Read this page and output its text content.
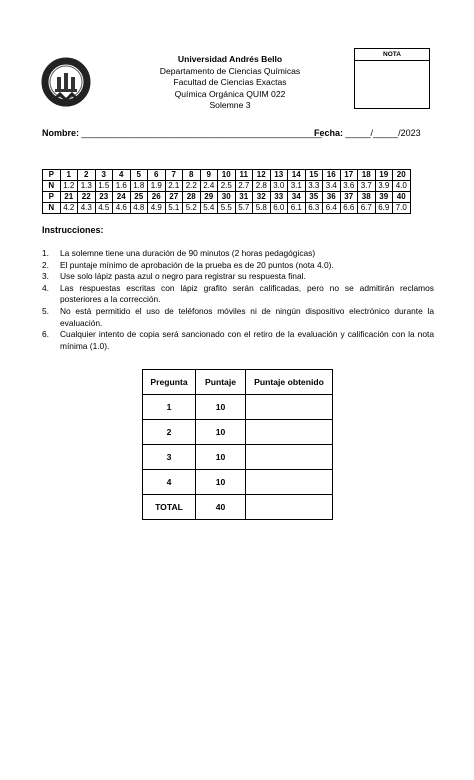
Universidad Andrés Bello
Departamento de Ciencias Químicas
Facultad de Ciencias Exactas
Química Orgánica QUIM 022
Solemne 3
NOTA
Nombre: ________________________________________________
Fecha: _____/_____/2023
P	1	2	3	4	5	6	7	8	9	10	11	12	13	14	15	16	17	18	19	20
N	1.2	1.3	1.5	1.6	1.8	1.9	2.1	2.2	2.4	2.5	2.7	2.8	3.0	3.1	3.3	3.4	3.6	3.7	3.9	4.0
P	21	22	23	24	25	26	27	28	29	30	31	32	33	34	35	36	37	38	39	40
N	4.2	4.3	4.5	4.6	4.8	4.9	5.1	5.2	5.4	5.5	5.7	5.8	6.0	6.1	6.3	6.4	6.6	6.7	6.9	7.0
Instrucciones:
1. La solemne tiene una duración de 90 minutos (2 horas pedagógicas)
2. El puntaje mínimo de aprobación de la prueba es de 20 puntos (nota 4.0).
3. Use solo lápiz pasta azul o negro para registrar su respuesta final.
4. Las respuestas escritas con lápiz grafito serán calificadas, pero no se admitirán reclamos posteriores a la corrección.
5. No está permitido el uso de teléfonos móviles ni de ningún dispositivo electrónico durante la evaluación.
6. Cualquier intento de copia será sancionado con el retiro de la evaluación y calificación con la nota mínima (1.0).
Pregunta	Puntaje	Puntaje obtenido
1	10	
2	10	
3	10	
4	10	
TOTAL	40	
